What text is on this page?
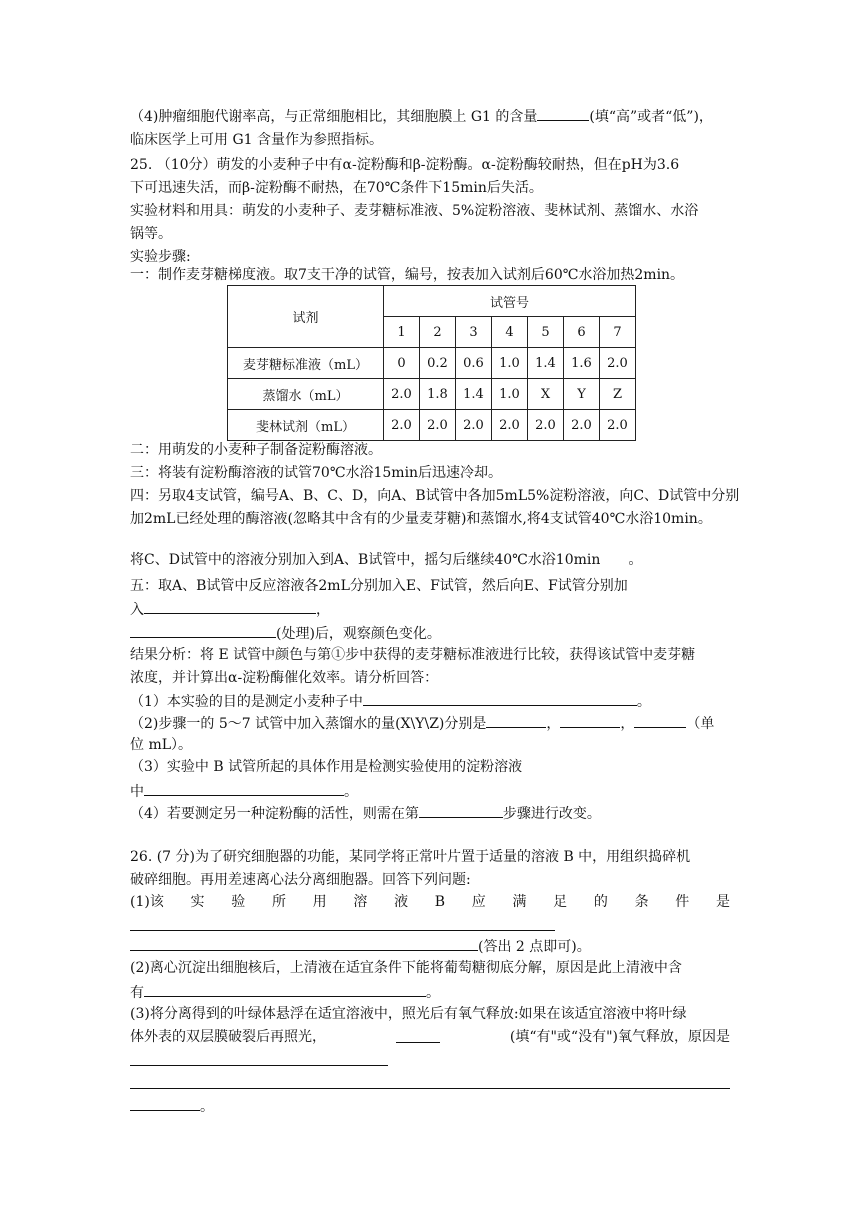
（4)肿瘤细胞代谢率高，与正常细胞相比，其细胞膜上 G1 的含量	(填“高”或者“低”)，
临床医学上可用 G1 含量作为参照指标。
25. （10分）萌发的小麦种子中有α-淀粉酶和β-淀粉酶。α-淀粉酶较耐热，但在pH为3.6
下可迅速失活，而β-淀粉酶不耐热，在70℃条件下15min后失活。
实验材料和用具：萌发的小麦种子、麦芽糖标准液、5%淀粉溶液、斐林试剂、蒸馏水、水浴
锅等。
实验步骤:
一：制作麦芽糖梯度液。取7支干净的试管，编号，按表加入试剂后60℃水浴加热2min。
试剂	试管号						
	1	2	3	4	5	6	7
麦芽糖标准液（mL）	0	0.2	0.6	1.0	1.4	1.6	2.0
蒸馏水（mL）	2.0	1.8	1.4	1.0	X	Y	Z
斐林试剂（mL）	2.0	2.0	2.0	2.0	2.0	2.0	2.0
二：用萌发的小麦种子制备淀粉酶溶液。
三：将装有淀粉酶溶液的试管70℃水浴15min后迅速冷却。
四：另取4支试管，编号A、B、C、D，向A、B试管中各加5mL5%淀粉溶液，向C、D试管中分别
加2mL已经处理的酶溶液(忽略其中含有的少量麦芽糖)和蒸馏水,将4支试管40℃水浴10min。
将C、D试管中的溶液分别加入到A、B试管中，摇匀后继续40℃水浴10min　　。
五：取A、B试管中反应溶液各2mL分别加入E、F试管，然后向E、F试管分别加
入	，
(处理)后，观察颜色变化。
结果分析：将 E 试管中颜色与第①步中获得的麦芽糖标准液进行比较，获得该试管中麦芽糖
浓度，并计算出α-淀粉酶催化效率。请分析回答：
（1）本实验的目的是测定小麦种子中	。
（2)步骤一的 5～7 试管中加入蒸馏水的量(X\Y\Z)分别是	，	，	（单
位 mL）。
（3）实验中 B 试管所起的具体作用是检测实验使用的淀粉溶液
中	。
（4）若要测定另一种淀粉酶的活性，则需在第	步骤进行改变。
26. (7 分)为了研究细胞器的功能，某同学将正常叶片置于适量的溶液 B 中，用组织捣碎机
破碎细胞。再用差速离心法分离细胞器。回答下列问题:
(1)该 实 验 所 用 溶 液 B 应 满 足 的 条 件 是
(答出 2 点即可)。
(2)离心沉淀出细胞核后，上清液在适宜条件下能将葡萄糖彻底分解，原因是此上清液中含
有	。
(3)将分离得到的叶绿体悬浮在适宜溶液中，照光后有氧气释放:如果在该适宜溶液中将叶绿
体外表的双层膜破裂后再照光，	(填“有"或“没有")氧气释放，原因是
。
